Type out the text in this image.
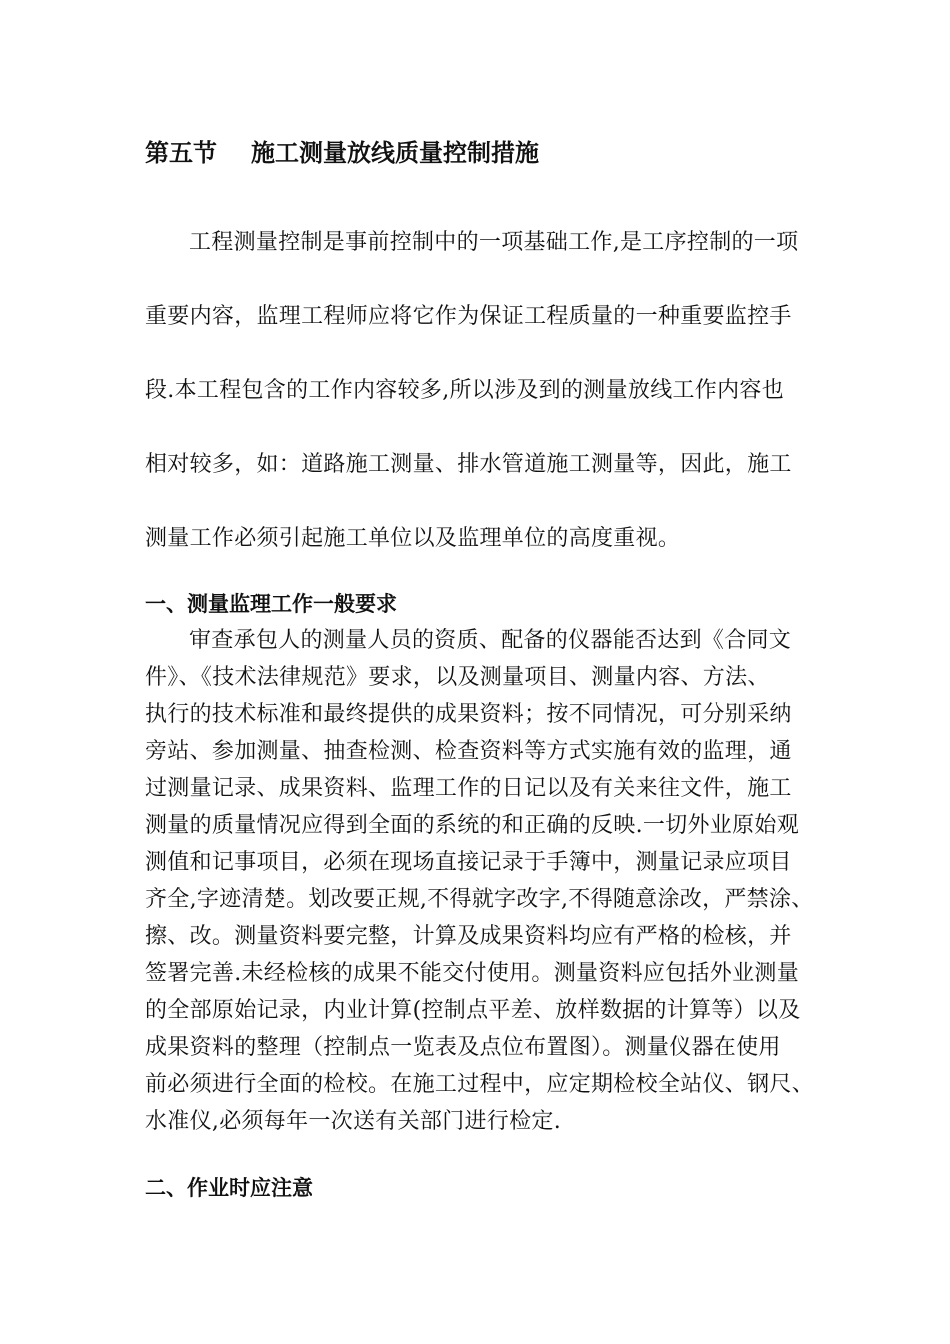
第五节 施工测量放线质量控制措施
工程测量控制是事前控制中的一项基础工作,是工序控制的一项
重要内容，监理工程师应将它作为保证工程质量的一种重要监控手
段.本工程包含的工作内容较多,所以涉及到的测量放线工作内容也
相对较多，如：道路施工测量、排水管道施工测量等，因此，施工
测量工作必须引起施工单位以及监理单位的高度重视。
一、测量监理工作一般要求
审查承包人的测量人员的资质、配备的仪器能否达到《合同文
件》、《技术法律规范》要求，以及测量项目、测量内容、方法、
执行的技术标准和最终提供的成果资料；按不同情况，可分别采纳
旁站、参加测量、抽查检测、检查资料等方式实施有效的监理，通
过测量记录、成果资料、监理工作的日记以及有关来往文件，施工
测量的质量情况应得到全面的系统的和正确的反映.一切外业原始观
测值和记事项目，必须在现场直接记录于手簿中，测量记录应项目
齐全,字迹清楚。划改要正规,不得就字改字,不得随意涂改，严禁涂、
擦、改。测量资料要完整，计算及成果资料均应有严格的检核，并
签署完善.未经检核的成果不能交付使用。测量资料应包括外业测量
的全部原始记录，内业计算(控制点平差、放样数据的计算等）以及
成果资料的整理（控制点一览表及点位布置图）。测量仪器在使用
前必须进行全面的检校。在施工过程中，应定期检校全站仪、钢尺、
水准仪,必须每年一次送有关部门进行检定.
二、作业时应注意
